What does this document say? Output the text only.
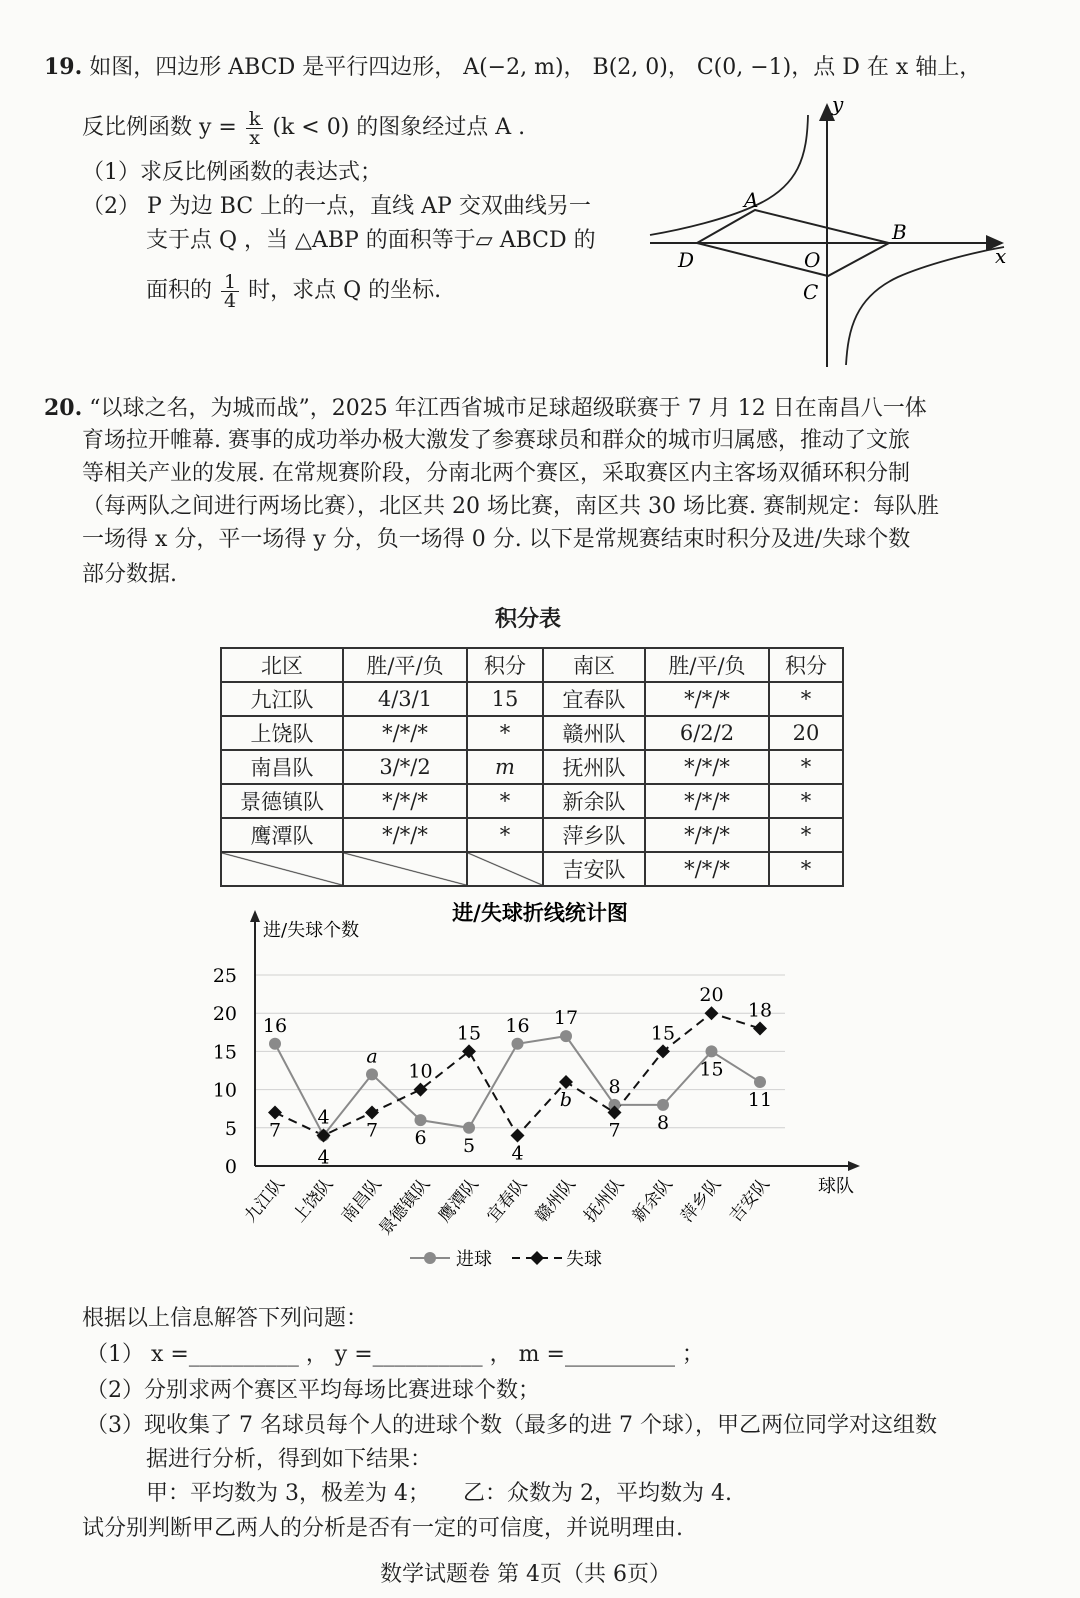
19. 如图，四边形 ABCD 是平行四边形， A(−2, m)， B(2, 0)， C(0, −1)，点 D 在 x 轴上，
反比例函数 $y = \frac{k}{x} (k < 0)$ 的图象经过点 A .
（1）求反比例函数的表达式；
（2） P 为边 BC 上的一点，直线 AP 交双曲线另一
支于点 Q ，当 △ABP 的面积等于▱ ABCD 的
面积的 $\frac{1}{4}$ 时，求点 Q 的坐标.
y
x
A
B
C
D	O
20. “以球之名，为城而战”，2025 年江西省城市足球超级联赛于 7 月 12 日在南昌八一体
育场拉开帷幕. 赛事的成功举办极大激发了参赛球员和群众的城市归属感，推动了文旅
等相关产业的发展. 在常规赛阶段，分南北两个赛区，采取赛区内主客场双循环积分制
（每两队之间进行两场比赛），北区共 20 场比赛，南区共 30 场比赛. 赛制规定：每队胜
一场得 x 分，平一场得 y 分，负一场得 0 分. 以下是常规赛结束时积分及进/失球个数
部分数据.
积分表
北区	胜/平/负	积分	南区	胜/平/负	积分
九江队	4/3/1	15	宜春队	*/*/*	*
上饶队	*/*/*	*	赣州队	6/2/2	20
南昌队	3/*/2	m	抚州队	*/*/*	*
景德镇队	*/*/*	*	新余队	*/*/*	*
鹰潭队	*/*/*	*	萍乡队	*/*/*	*
			吉安队	*/*/*	*
进/失球折线统计图
进/失球个数
0
5
10
15
20
25
球队
九江队 上饶队 南昌队
景德镇队 鹰潭队 宜春队 赣州队 抚州队 新余队 萍乡队 吉安队
16
4
a
6 5
16 17
8
8
15
11
7
4
7
10
15
4
b
7
15
20
18
进球	失球
根据以上信息解答下列问题：
（1） x =__________ ， y =__________ ， m =__________ ；
（2）分别求两个赛区平均每场比赛进球个数；
（3）现收集了 7 名球员每个人的进球个数（最多的进 7 个球），甲乙两位同学对这组数
据进行分析，得到如下结果：
甲：平均数为 3，极差为 4；　　乙：众数为 2，平均数为 4.
试分别判断甲乙两人的分析是否有一定的可信度，并说明理由.
数学试题卷 第 4页（共 6页）
